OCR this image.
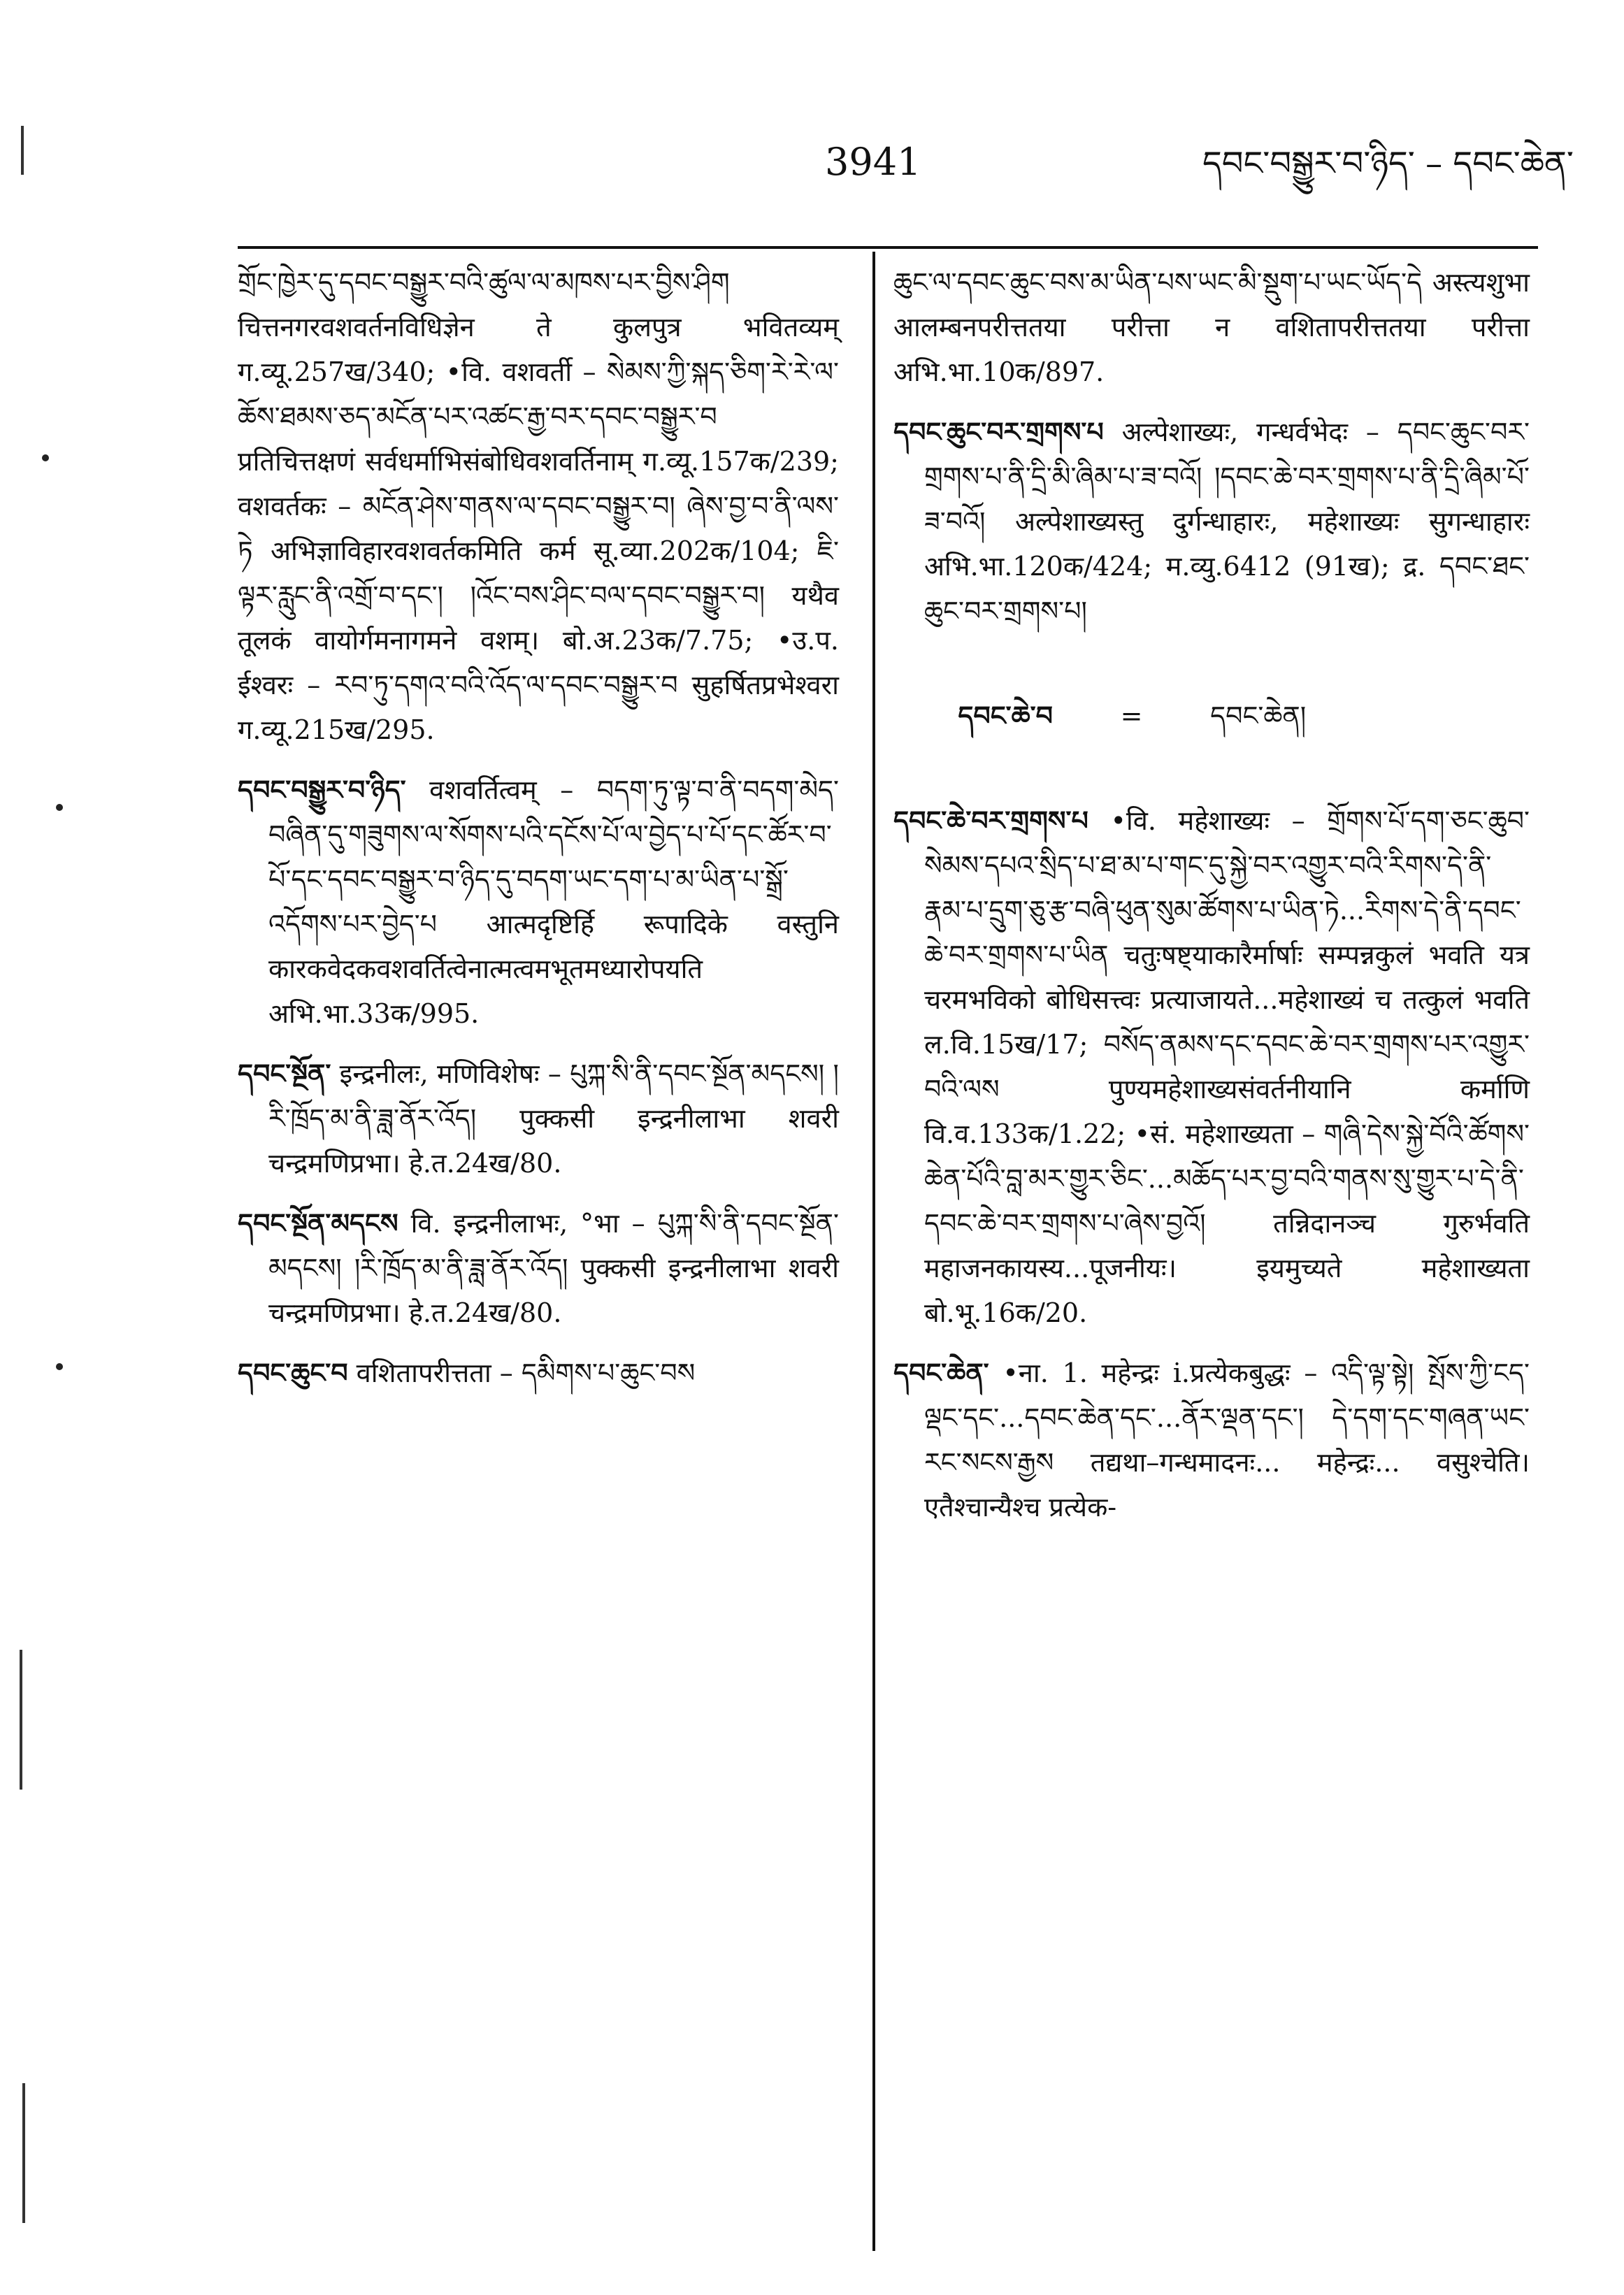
3941	དབང་བསྒྱུར་བ་ཉིད་ – དབང་ཆེན་

གྲོང་ཁྱེར་དུ་དབང་བསྒྱུར་བའི་ཚུལ་ལ་མཁས་པར་བྱིས་ཤིག चित्तनगरवशवर्तनविधिज्ञेन ते कुलपुत्र भवितव्यम् ग.व्यू.257ख/340; •वि. वशवर्ती – སེམས་ཀྱི་སྐད་ཅིག་རེ་རེ་ལ་ཆོས་ཐམས་ཅད་མངོན་པར་འཚང་རྒྱ་བར་དབང་བསྒྱུར་བ प्रतिचित्तक्षणं सर्वधर्माभिसंबोधिवशवर्तिनाम् ग.व्यू.157क/239; वशवर्तकः – མངོན་ཤེས་གནས་ལ་དབང་བསྒྱུར་བ། ཞེས་བྱ་བ་ནི་ལས་ཏེ अभिज्ञाविहारवशवर्तकमिति कर्म सू.व्या.202क/104; ཇི་ལྟར་རླུང་ནི་འགྲོ་བ་དང་། །འོང་བས་ཤིང་བལ་དབང་བསྒྱུར་བ། यथैव तूलकं वायोर्गमनागमने वशम्। बो.अ.23क/7.75; •उ.प. ईश्वरः – རབ་ཏུ་དགའ་བའི་འོད་ལ་དབང་བསྒྱུར་བ सुहर्षितप्रभेश्वरा ग.व्यू.215ख/295.

དབང་བསྒྱུར་བ་ཉིད་ वशवर्तित्वम् – བདག་ཏུ་ལྟ་བ་ནི་བདག་མེད་བཞིན་དུ་གཟུགས་ལ་སོགས་པའི་དངོས་པོ་ལ་བྱེད་པ་པོ་དང་ཚོར་བ་པོ་དང་དབང་བསྒྱུར་བ་ཉིད་དུ་བདག་ཡང་དག་པ་མ་ཡིན་པ་སྒྲོ་འདོགས་པར་བྱེད་པ आत्मदृष्टिर्हि रूपादिके वस्तुनि कारकवेदकवशवर्तित्वेनात्मत्वमभूतमध्यारोपयति अभि.भा.33क/995.

དབང་སྔོན་ इन्द्रनीलः, मणिविशेषः – པུཀྐ་སི་ནི་དབང་སྔོན་མདངས། །རི་ཁྲོད་མ་ནི་ཟླ་ནོར་འོད། पुक्कसी इन्द्रनीलाभा शवरी चन्द्रमणिप्रभा। हे.त.24ख/80.

དབང་སྔོན་མདངས वि. इन्द्रनीलाभः, °भा – པུཀྐ་སི་ནི་དབང་སྔོན་མདངས། །རི་ཁྲོད་མ་ནི་ཟླ་ནོར་འོད། पुक्कसी इन्द्रनीलाभा शवरी चन्द्रमणिप्रभा। हे.त.24ख/80.

དབང་ཆུང་བ वशितापरीत्तता – དམིགས་པ་ཆུང་བས

ཆུང་ལ་དབང་ཆུང་བས་མ་ཡིན་པས་ཡང་མི་སྡུག་པ་ཡང་ཡོད་དེ अस्त्यशुभा आलम्बनपरीत्ततया परीत्ता न वशितापरीत्ततया परीत्ता अभि.भा.10क/897.

དབང་ཆུང་བར་གྲགས་པ अल्पेशाख्यः, गन्धर्वभेदः – དབང་ཆུང་བར་གྲགས་པ་ནི་དྲི་མི་ཞིམ་པ་ཟ་བའོ། །དབང་ཆེ་བར་གྲགས་པ་ནི་དྲི་ཞིམ་པོ་ཟ་བའོ། अल्पेशाख्यस्तु दुर्गन्धाहारः, महेशाख्यः सुगन्धाहारः अभि.भा.120क/424; म.व्यु.6412 (91ख); द्र. དབང་ཐང་ཆུང་བར་གྲགས་པ།

དབང་ཆེ་བ        =        དབང་ཆེན།

དབང་ཆེ་བར་གྲགས་པ •वि. महेशाख्यः – གྲོགས་པོ་དག་ཅང་ཆུབ་སེམས་དཔའ་སྲིད་པ་ཐ་མ་པ་གང་དུ་སྐྱེ་བར་འགྱུར་བའི་རིགས་དེ་ནི་རྣམ་པ་དྲུག་ཅུ་རྩ་བཞི་ཕུན་སུམ་ཚོགས་པ་ཡིན་ཏེ...རིགས་དེ་ནི་དབང་ཆེ་བར་གྲགས་པ་ཡིན चतुःषष्ट्याकारैर्मार्षाः सम्पन्नकुलं भवति यत्र चरमभविको बोधिसत्त्वः प्रत्याजायते...महेशाख्यं च तत्कुलं भवति ल.वि.15ख/17; བསོད་ནམས་དང་དབང་ཆེ་བར་གྲགས་པར་འགྱུར་བའི་ལས पुण्यमहेशाख्यसंवर्तनीयानि कर्माणि वि.व.133क/1.22; •सं. महेशाख्यता – གཞི་དེས་སྐྱེ་བོའི་ཚོགས་ཆེན་པོའི་བླ་མར་གྱུར་ཅིང་...མཆོད་པར་བྱ་བའི་གནས་སུ་གྱུར་པ་དེ་ནི་དབང་ཆེ་བར་གྲགས་པ་ཞེས་བྱའོ། तन्निदानञ्च गुरुर्भवति महाजनकायस्य...पूजनीयः। इयमुच्यते महेशाख्यता बो.भू.16क/20.

དབང་ཆེན་ •ना. 1. महेन्द्रः i.प्रत्येकबुद्धः – འདི་ལྟ་སྟེ། སྤོས་ཀྱི་ངད་ལྡང་དང་...དབང་ཆེན་དང་...ནོར་ལྡན་དང་། དེ་དག་དང་གཞན་ཡང་རང་སངས་རྒྱས तद्यथा–गन्धमादनः... महेन्द्रः... वसुश्चेति। एतैश्चान्यैश्च प्रत्येक-
